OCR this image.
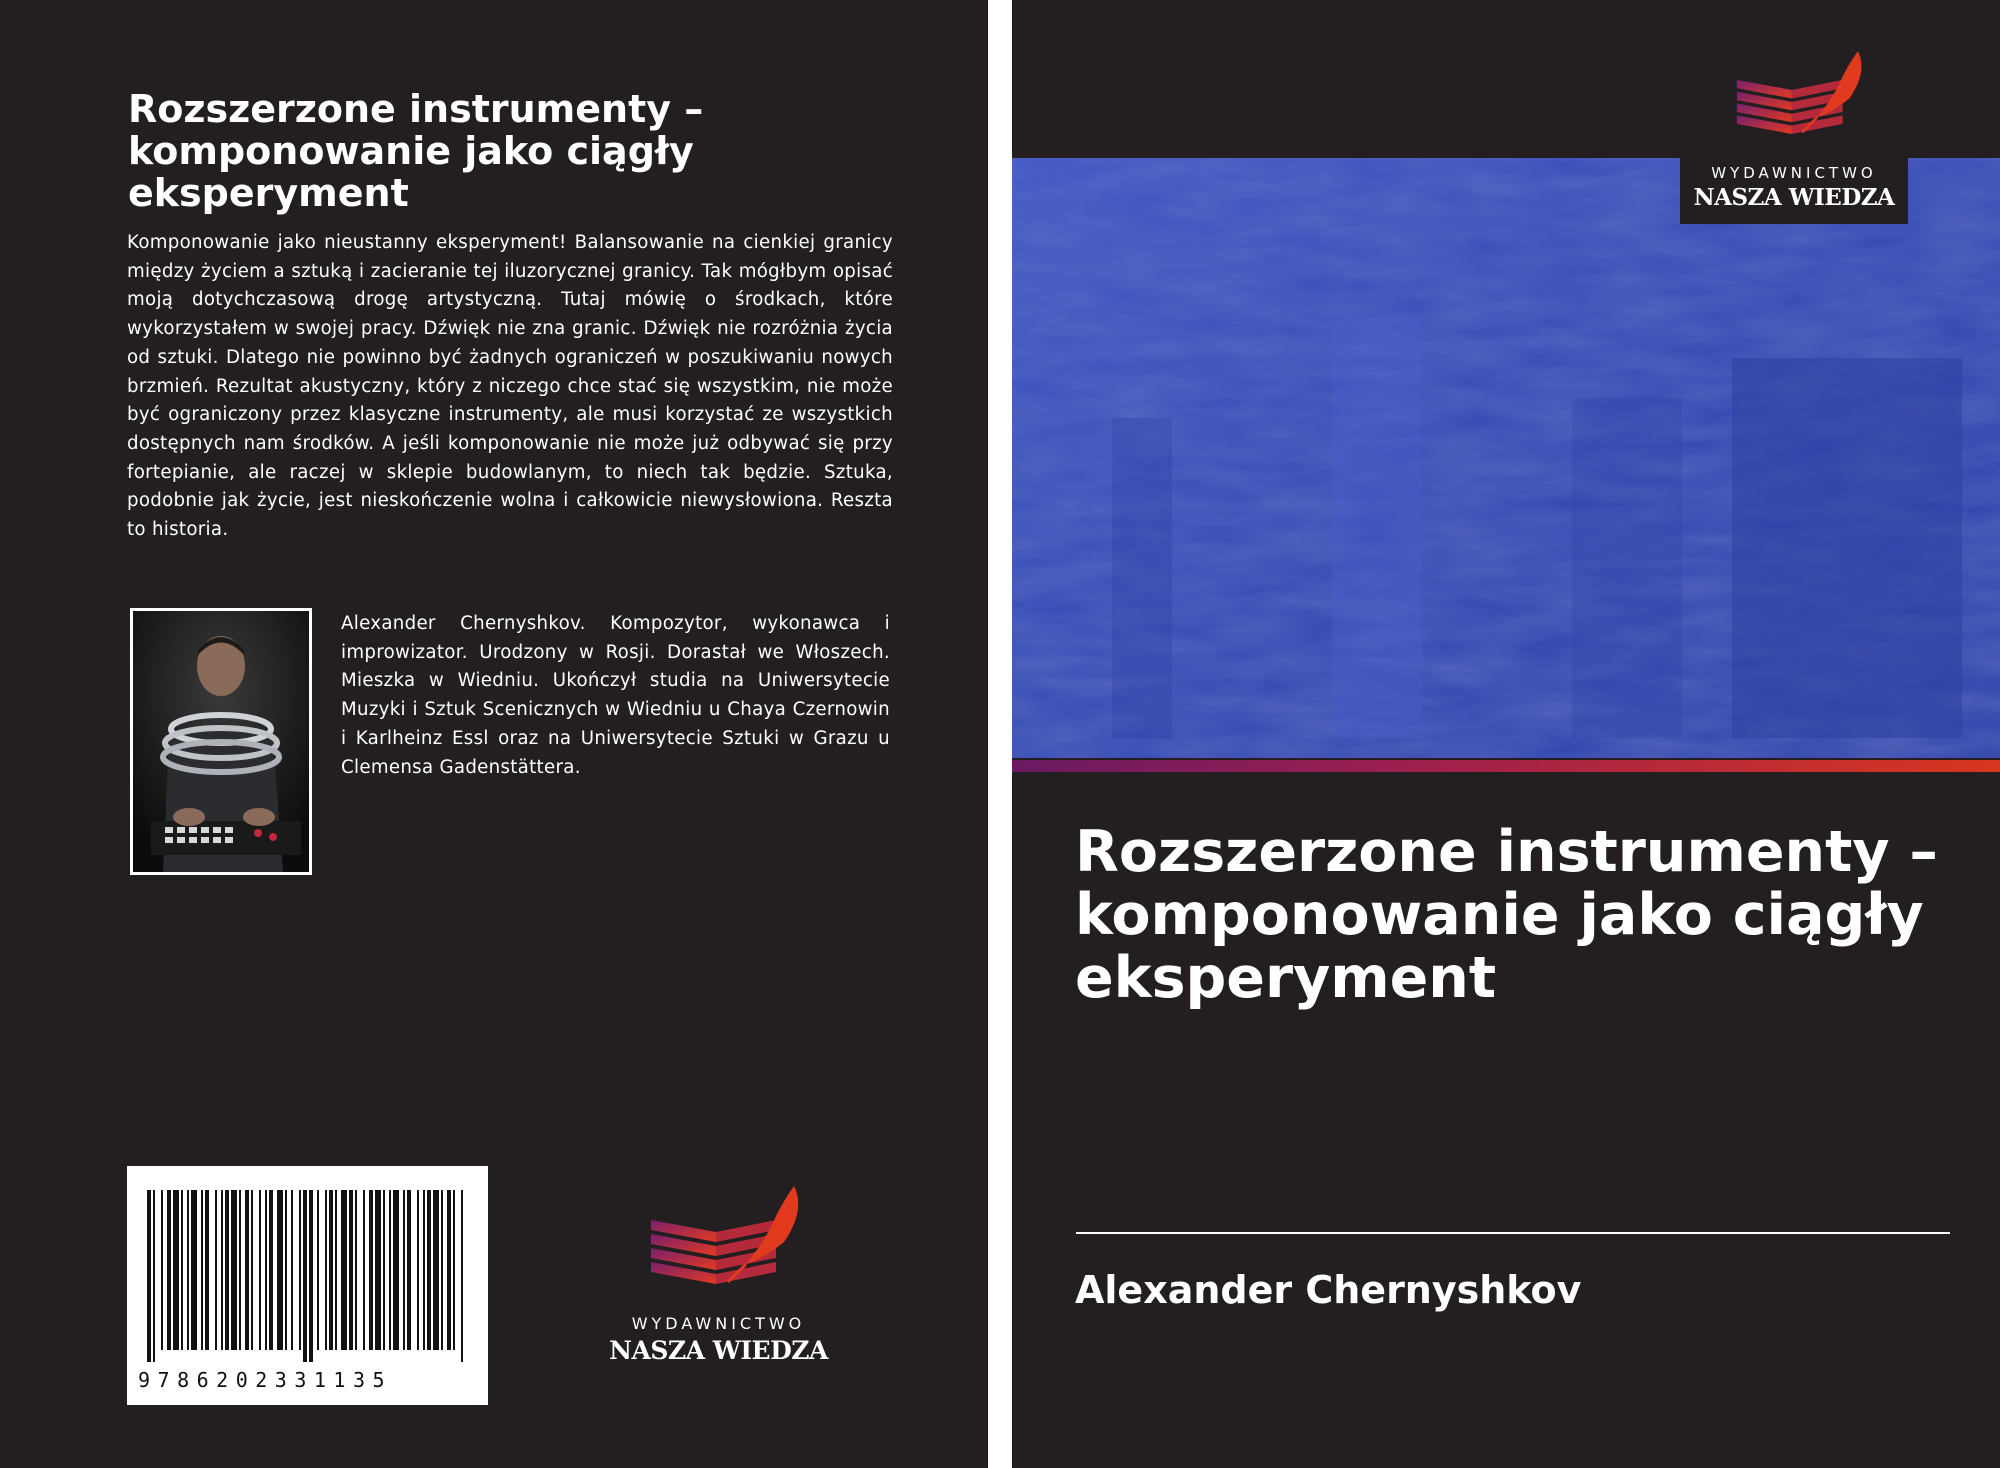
Rozszerzone instrumenty – komponowanie jako ciągły eksperyment
Komponowanie jako nieustanny eksperyment! Balansowanie na cienkiej granicy między życiem a sztuką i zacieranie tej iluzorycznej granicy. Tak mógłbym opisać moją dotychczasową drogę artystyczną. Tutaj mówię o środkach, które wykorzystałem w swojej pracy. Dźwięk nie zna granic. Dźwięk nie rozróżnia życia od sztuki. Dlatego nie powinno być żadnych ograniczeń w poszukiwaniu nowych brzmień. Rezultat akustyczny, który z niczego chce stać się wszystkim, nie może być ograniczony przez klasyczne instrumenty, ale musi korzystać ze wszystkich dostępnych nam środków. A jeśli komponowanie nie może już odbywać się przy fortepianie, ale raczej w sklepie budowlanym, to niech tak będzie. Sztuka, podobnie jak życie, jest nieskończenie wolna i całkowicie niewysłowiona. Reszta to historia.
Alexander Chernyshkov. Kompozytor, wykonawca i improwizator. Urodzony w Rosji. Dorastał we Włoszech. Mieszka w Wiedniu. Ukończył studia na Uniwersytecie Muzyki i Sztuk Scenicznych w Wiedniu u Chaya Czernowin i Karlheinz Essl oraz na Uniwersytecie Sztuki w Grazu u Clemensa Gadenstättera.
9786202331135
WYDAWNICTWO
NASZA WIEDZA
WYDAWNICTWO
NASZA WIEDZA
Rozszerzone instrumenty – komponowanie jako ciągły eksperyment
Alexander Chernyshkov
